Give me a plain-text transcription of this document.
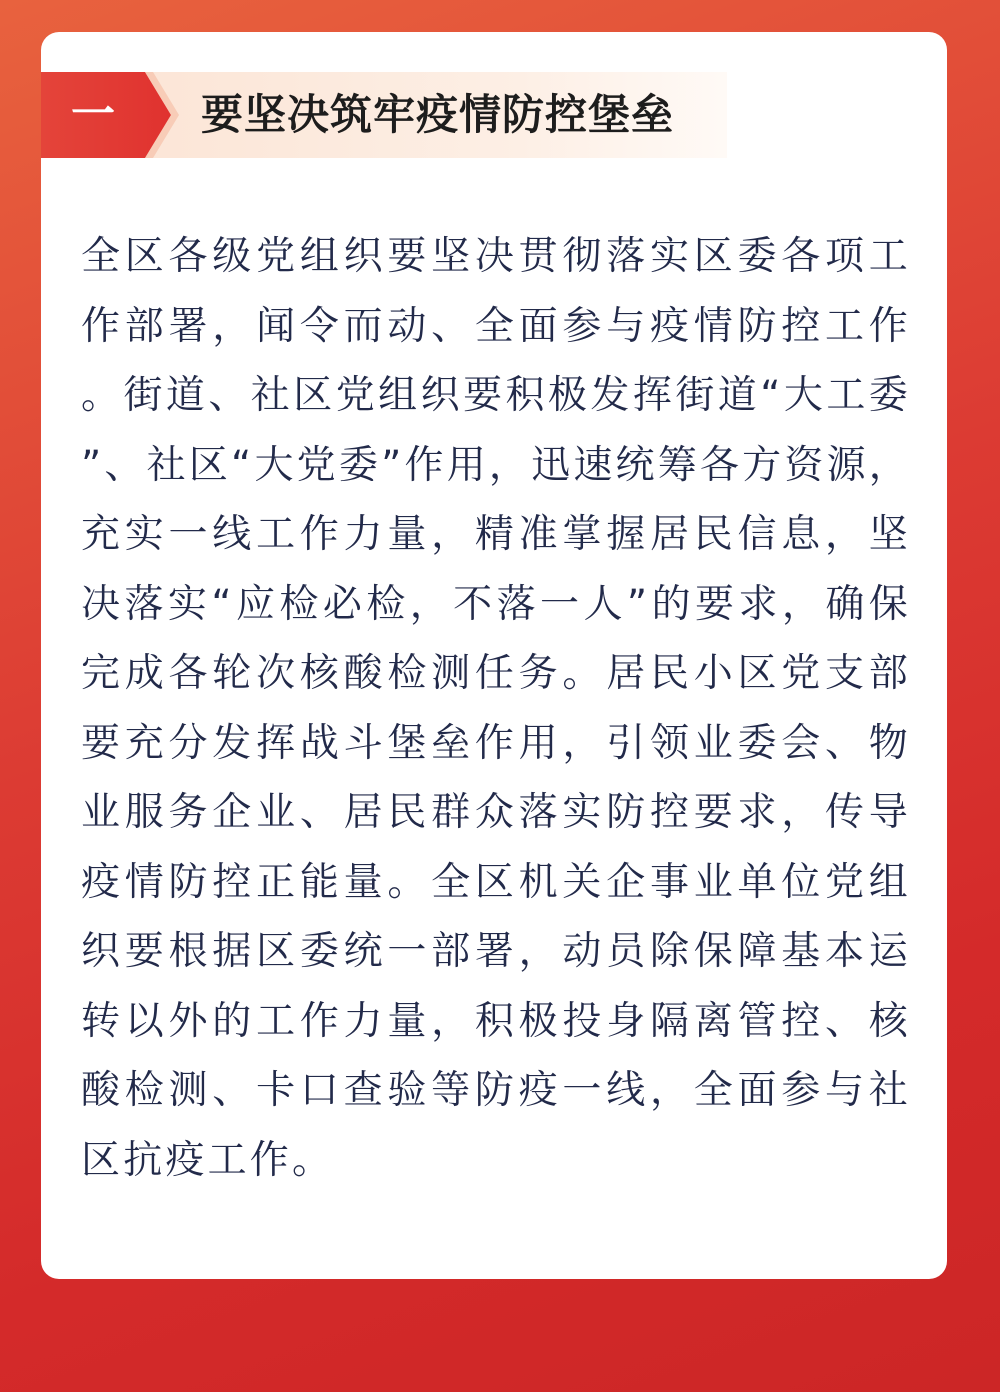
一	要坚决筑牢疫情防控堡垒

全区各级党组织要坚决贯彻落实区委各项工作部署，闻令而动、全面参与疫情防控工作。街道、社区党组织要积极发挥街道“大工委”、社区“大党委”作用，迅速统筹各方资源，充实一线工作力量，精准掌握居民信息，坚决落实“应检必检，不落一人”的要求，确保完成各轮次核酸检测任务。居民小区党支部要充分发挥战斗堡垒作用，引领业委会、物业服务企业、居民群众落实防控要求，传导疫情防控正能量。全区机关企事业单位党组织要根据区委统一部署，动员除保障基本运转以外的工作力量，积极投身隔离管控、核酸检测、卡口查验等防疫一线，全面参与社区抗疫工作。
